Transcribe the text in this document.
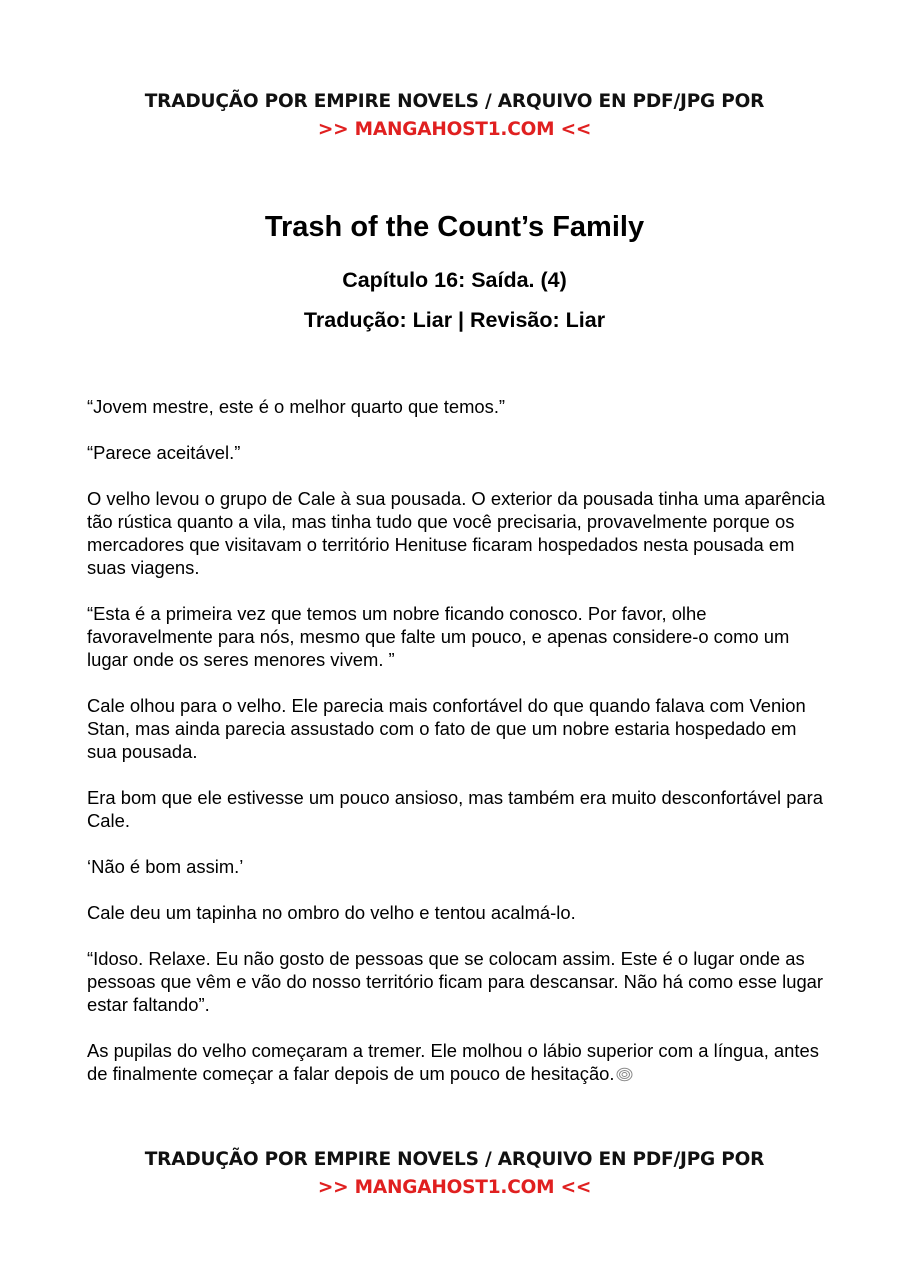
TRADUÇÃO POR EMPIRE NOVELS / ARQUIVO EN PDF/JPG POR
>> MANGAHOST1.COM <<
Trash of the Count’s Family
Capítulo 16: Saída. (4)
Tradução: Liar | Revisão: Liar

“Jovem mestre, este é o melhor quarto que temos.”

“Parece aceitável.”

O velho levou o grupo de Cale à sua pousada. O exterior da pousada tinha uma aparência tão rústica quanto a vila, mas tinha tudo que você precisaria, provavelmente porque os mercadores que visitavam o território Henituse ficaram hospedados nesta pousada em suas viagens.

“Esta é a primeira vez que temos um nobre ficando conosco. Por favor, olhe favoravelmente para nós, mesmo que falte um pouco, e apenas considere-o como um lugar onde os seres menores vivem. ”

Cale olhou para o velho. Ele parecia mais confortável do que quando falava com Venion Stan, mas ainda parecia assustado com o fato de que um nobre estaria hospedado em sua pousada.

Era bom que ele estivesse um pouco ansioso, mas também era muito desconfortável para Cale.

‘Não é bom assim.’

Cale deu um tapinha no ombro do velho e tentou acalmá-lo.

“Idoso. Relaxe. Eu não gosto de pessoas que se colocam assim. Este é o lugar onde as pessoas que vêm e vão do nosso território ficam para descansar. Não há como esse lugar estar faltando”.

As pupilas do velho começaram a tremer. Ele molhou o lábio superior com a língua, antes de finalmente começar a falar depois de um pouco de hesitação.

TRADUÇÃO POR EMPIRE NOVELS / ARQUIVO EN PDF/JPG POR
>> MANGAHOST1.COM <<
